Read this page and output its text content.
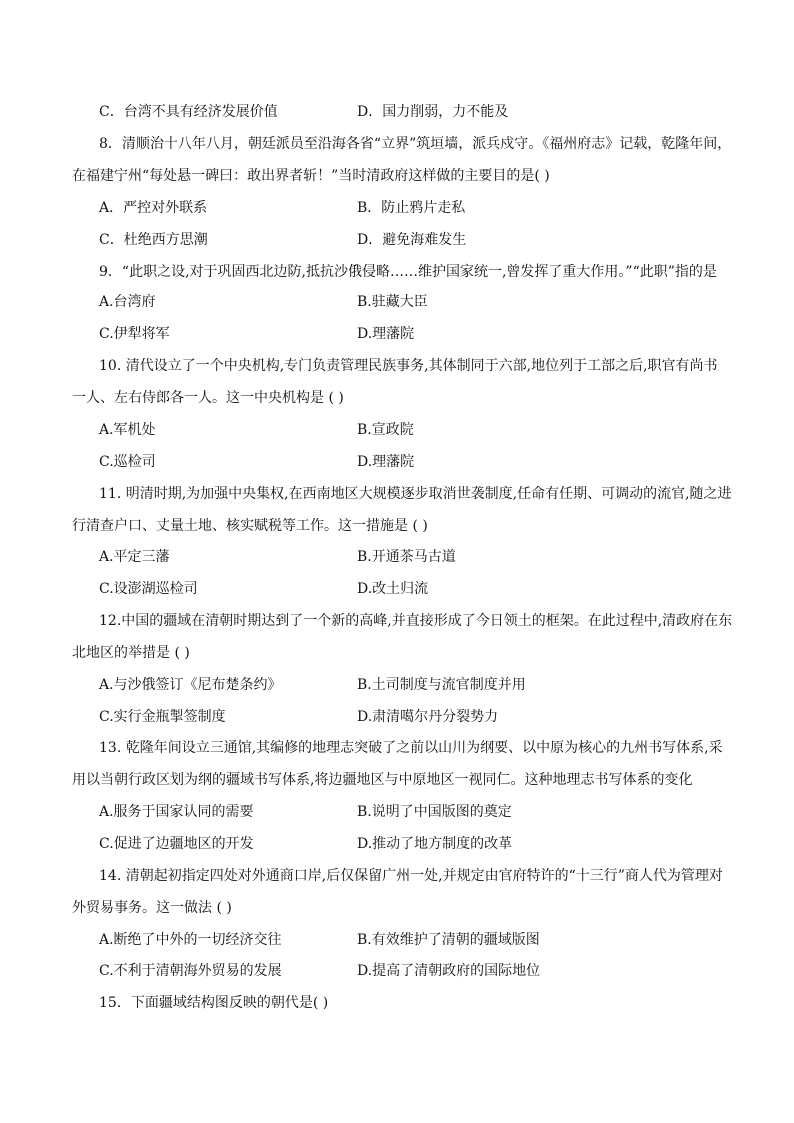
C．台湾不具有经济发展价值	D．国力削弱，力不能及
8．清顺治十八年八月，朝廷派员至沿海各省“立界”筑垣墙，派兵戍守。《福州府志》记载，乾隆年间，
在福建宁州“每处悬一碑曰：敢出界者斩！”当时清政府这样做的主要目的是( )
A．严控对外联系	B．防止鸦片走私
C．杜绝西方思潮	D．避免海难发生
9．“此职之设,对于巩固西北边防,抵抗沙俄侵略……维护国家统一,曾发挥了重大作用。”“此职”指的是
A.台湾府	B.驻藏大臣
C.伊犁将军	D.理藩院
10. 清代设立了一个中央机构,专门负责管理民族事务,其体制同于六部,地位列于工部之后,职官有尚书
一人、左右侍郎各一人。这一中央机构是 ( )
A.军机处	B.宣政院
C.巡检司	D.理藩院
11. 明清时期,为加强中央集权,在西南地区大规模逐步取消世袭制度,任命有任期、可调动的流官,随之进
行清查户口、丈量土地、核实赋税等工作。这一措施是 ( )
A.平定三藩	B.开通茶马古道
C.设澎湖巡检司	D.改土归流
12.中国的疆域在清朝时期达到了一个新的高峰,并直接形成了今日领土的框架。在此过程中,清政府在东
北地区的举措是 ( )
A.与沙俄签订《尼布楚条约》	B.土司制度与流官制度并用
C.实行金瓶掣签制度	D.肃清噶尔丹分裂势力
13. 乾隆年间设立三通馆,其编修的地理志突破了之前以山川为纲要、以中原为核心的九州书写体系,采
用以当朝行政区划为纲的疆域书写体系,将边疆地区与中原地区一视同仁。这种地理志书写体系的变化
A.服务于国家认同的需要	B.说明了中国版图的奠定
C.促进了边疆地区的开发	D.推动了地方制度的改革
14. 清朝起初指定四处对外通商口岸,后仅保留广州一处,并规定由官府特许的“十三行”商人代为管理对
外贸易事务。这一做法 ( )
A.断绝了中外的一切经济交往	B.有效维护了清朝的疆域版图
C.不利于清朝海外贸易的发展	D.提高了清朝政府的国际地位
15．下面疆域结构图反映的朝代是( )
